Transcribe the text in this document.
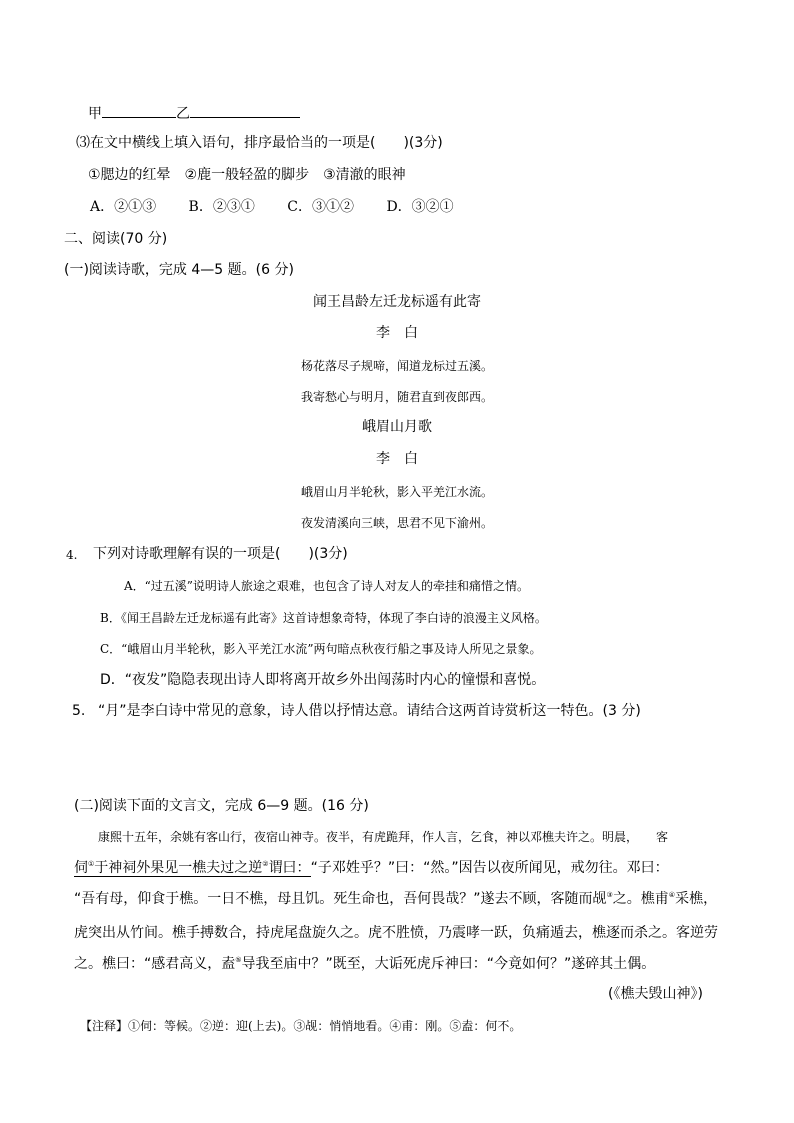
甲	乙
⑶在文中横线上填入语句，排序最恰当的一项是(　　)(3分)
①腮边的红晕　②鹿一般轻盈的脚步　③清澈的眼神
A．②①③　　 B．②③①　　 C．③①②　　 D．③②①
二、阅读(70 分)
(一)阅读诗歌，完成 4—5 题。(6 分)
闻王昌龄左迁龙标遥有此寄
李　白
杨花落尽子规啼，闻道龙标过五溪。
我寄愁心与明月，随君直到夜郎西。
峨眉山月歌
李　白
峨眉山月半轮秋，影入平羌江水流。
夜发清溪向三峡，思君不见下渝州。
4. 下列对诗歌理解有误的一项是(　　)(3分)
A．“过五溪”说明诗人旅途之艰难，也包含了诗人对友人的牵挂和痛惜之情。
B．《闻王昌龄左迁龙标遥有此寄》这首诗想象奇特，体现了李白诗的浪漫主义风格。
C．“峨眉山月半轮秋，影入平羌江水流”两句暗点秋夜行船之事及诗人所见之景象。
D．“夜发”隐隐表现出诗人即将离开故乡外出闯荡时内心的憧憬和喜悦。
5. “月”是李白诗中常见的意象，诗人借以抒情达意。请结合这两首诗赏析这一特色。(3 分)
(二)阅读下面的文言文，完成 6—9 题。(16 分)
康熙十五年，余姚有客山行，夜宿山神寺。夜半，有虎跪拜，作人言，乞食，神以邓樵夫许之。明晨，　　客
伺①于神祠外果见一樵夫过之逆②谓曰：“子邓姓乎？”曰：“然。”因告以夜所闻见，戒勿往。邓曰：
“吾有母，仰食于樵。一日不樵，母且饥。死生命也，吾何畏哉？”遂去不顾，客随而觇③之。樵甫④采樵，
虎突出从竹间。樵手搏数合，持虎尾盘旋久之。虎不胜愤，乃震哮一跃，负痛遁去，樵逐而杀之。客逆劳
之。樵曰：“感君高义，盍⑤导我至庙中？”既至，大诟死虎斥神曰：“今竟如何？”遂碎其土偶。
(《樵夫毁山神》)
【注释】①伺：等候。②逆：迎(上去)。③觇：悄悄地看。④甫：刚。⑤盍：何不。
